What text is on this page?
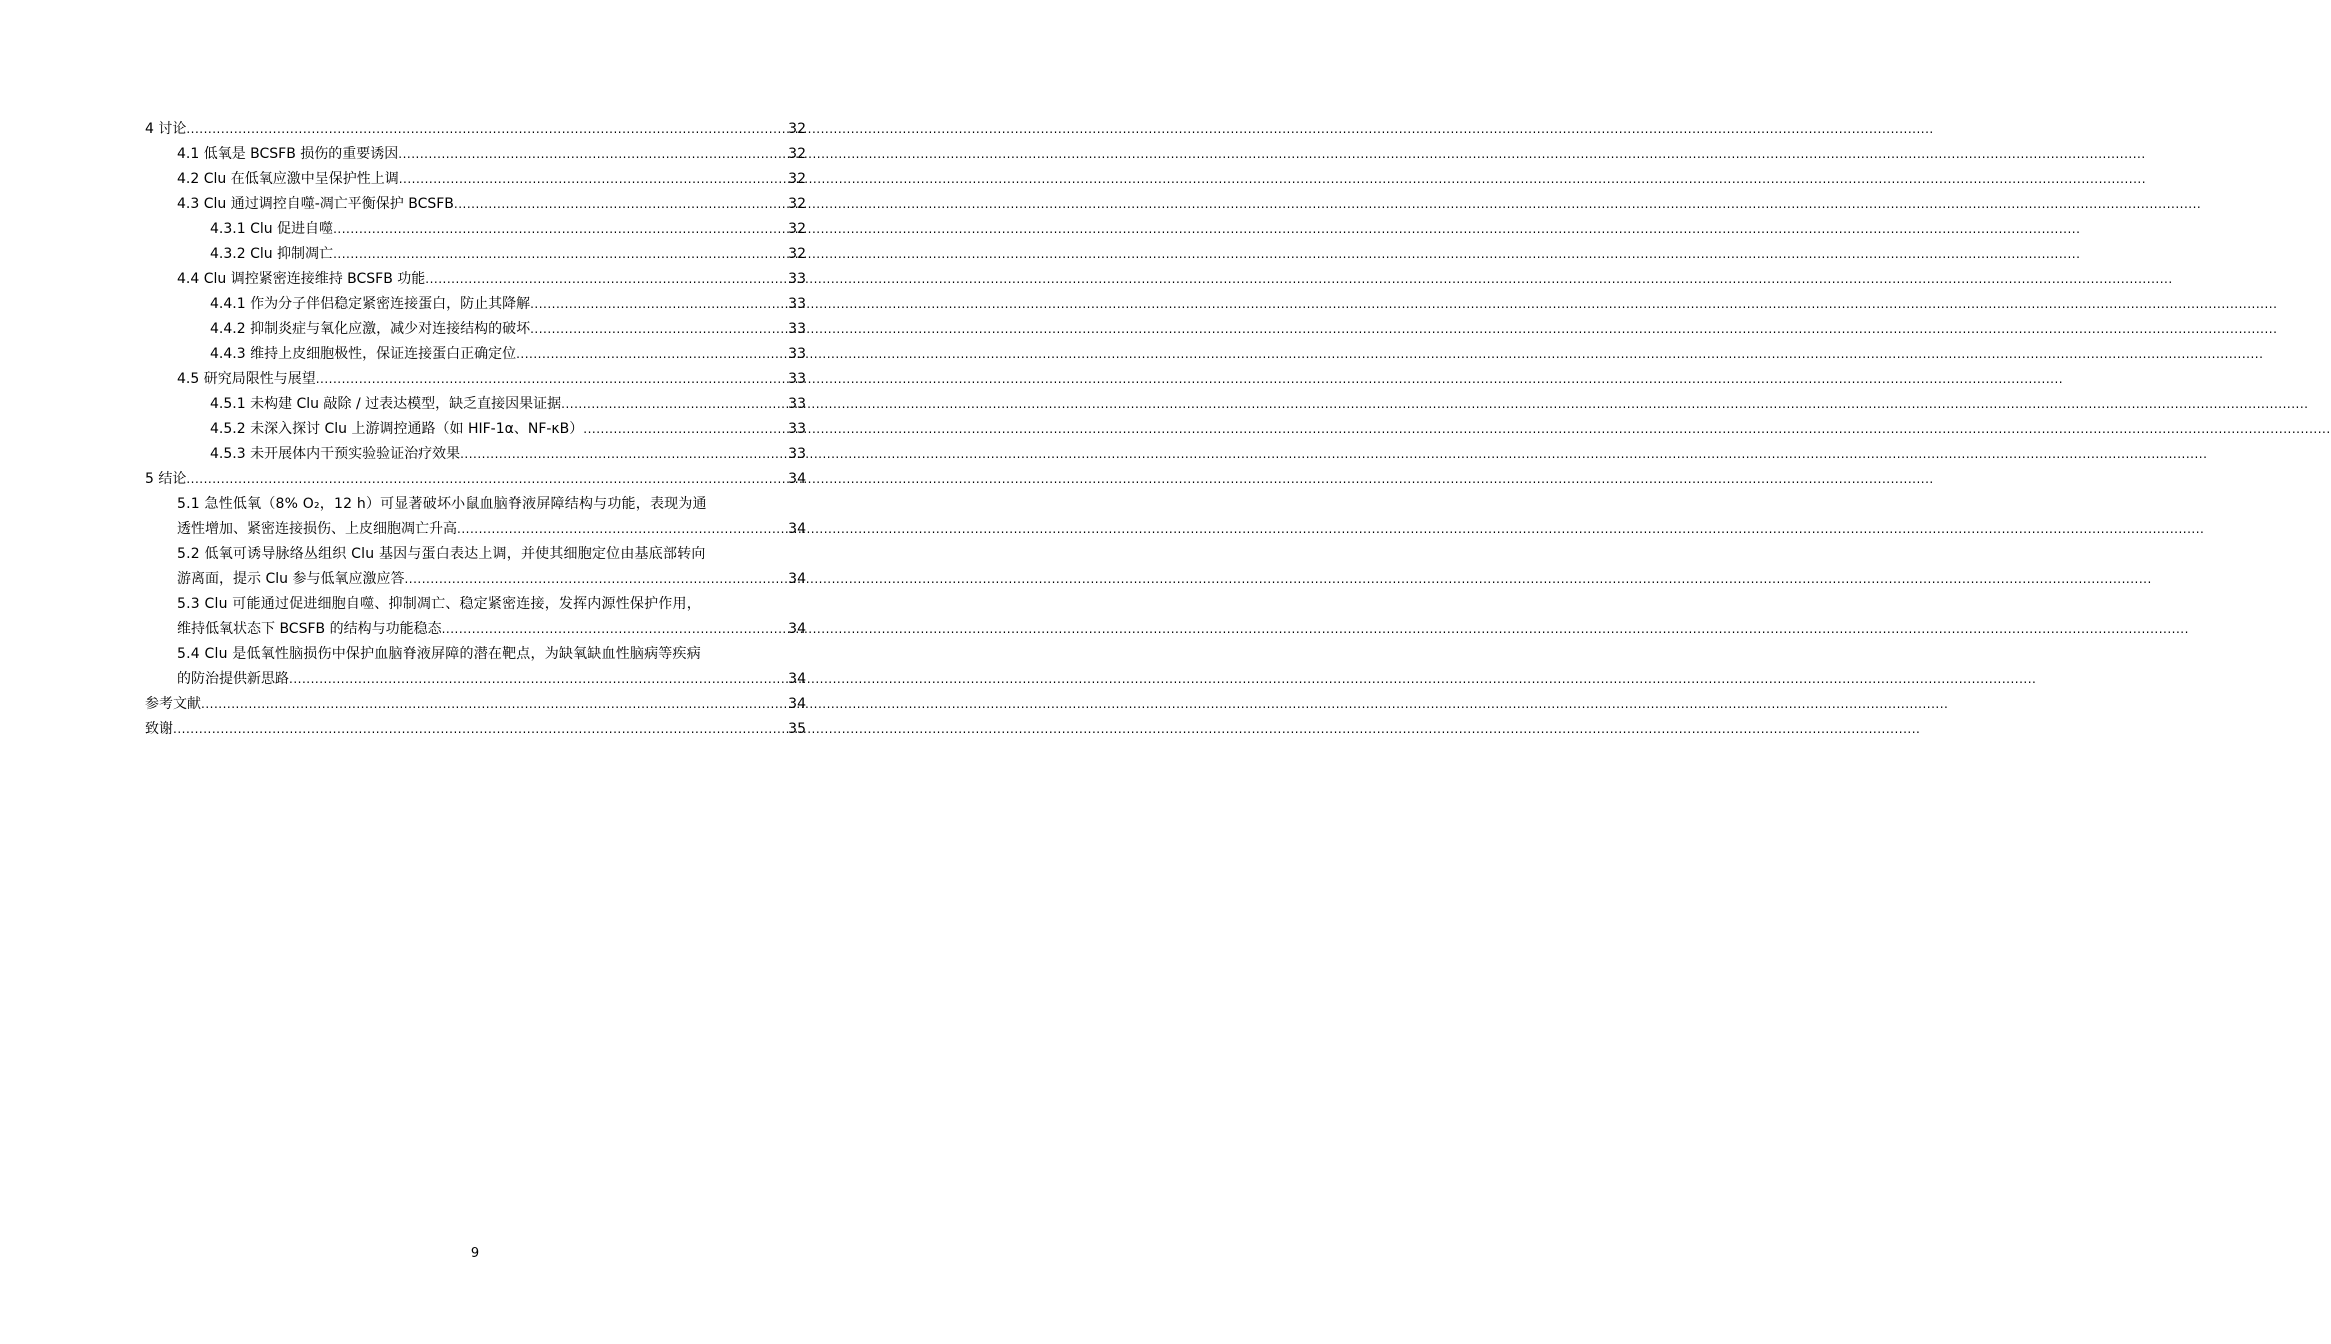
4 讨论 .....	32
4.1 低氧是 BCSFB 损伤的重要诱因 .....	32
4.2 Clu 在低氧应激中呈保护性上调 .....	32
4.3 Clu 通过调控自噬-凋亡平衡保护 BCSFB .....	32
4.3.1 Clu 促进自噬 .....	32
4.3.2 Clu 抑制凋亡 .....	32
4.4 Clu 调控紧密连接维持 BCSFB 功能 .....	33
4.4.1 作为分子伴侣稳定紧密连接蛋白，防止其降解 .....	33
4.4.2 抑制炎症与氧化应激，减少对连接结构的破坏 .....	33
4.4.3 维持上皮细胞极性，保证连接蛋白正确定位 .....	33
4.5 研究局限性与展望 .....	33
4.5.1 未构建 Clu 敲除 / 过表达模型，缺乏直接因果证据 .....	33
4.5.2 未深入探讨 Clu 上游调控通路（如 HIF-1α、NF-κB） .....	33
4.5.3 未开展体内干预实验验证治疗效果 .....	33
5 结论 .....	34
5.1 急性低氧（8% O₂，12 h）可显著破坏小鼠血脑脊液屏障结构与功能，表现为通
透性增加、紧密连接损伤、上皮细胞凋亡升高 .....	34
5.2 低氧可诱导脉络丛组织 Clu 基因与蛋白表达上调，并使其细胞定位由基底部转向
游离面，提示 Clu 参与低氧应激应答 .....	34
5.3 Clu 可能通过促进细胞自噬、抑制凋亡、稳定紧密连接，发挥内源性保护作用，
维持低氧状态下 BCSFB 的结构与功能稳态 .....	34
5.4 Clu 是低氧性脑损伤中保护血脑脊液屏障的潜在靶点，为缺氧缺血性脑病等疾病
的防治提供新思路 .....	34
参考文献 .....	34
致谢 .....	35
9
